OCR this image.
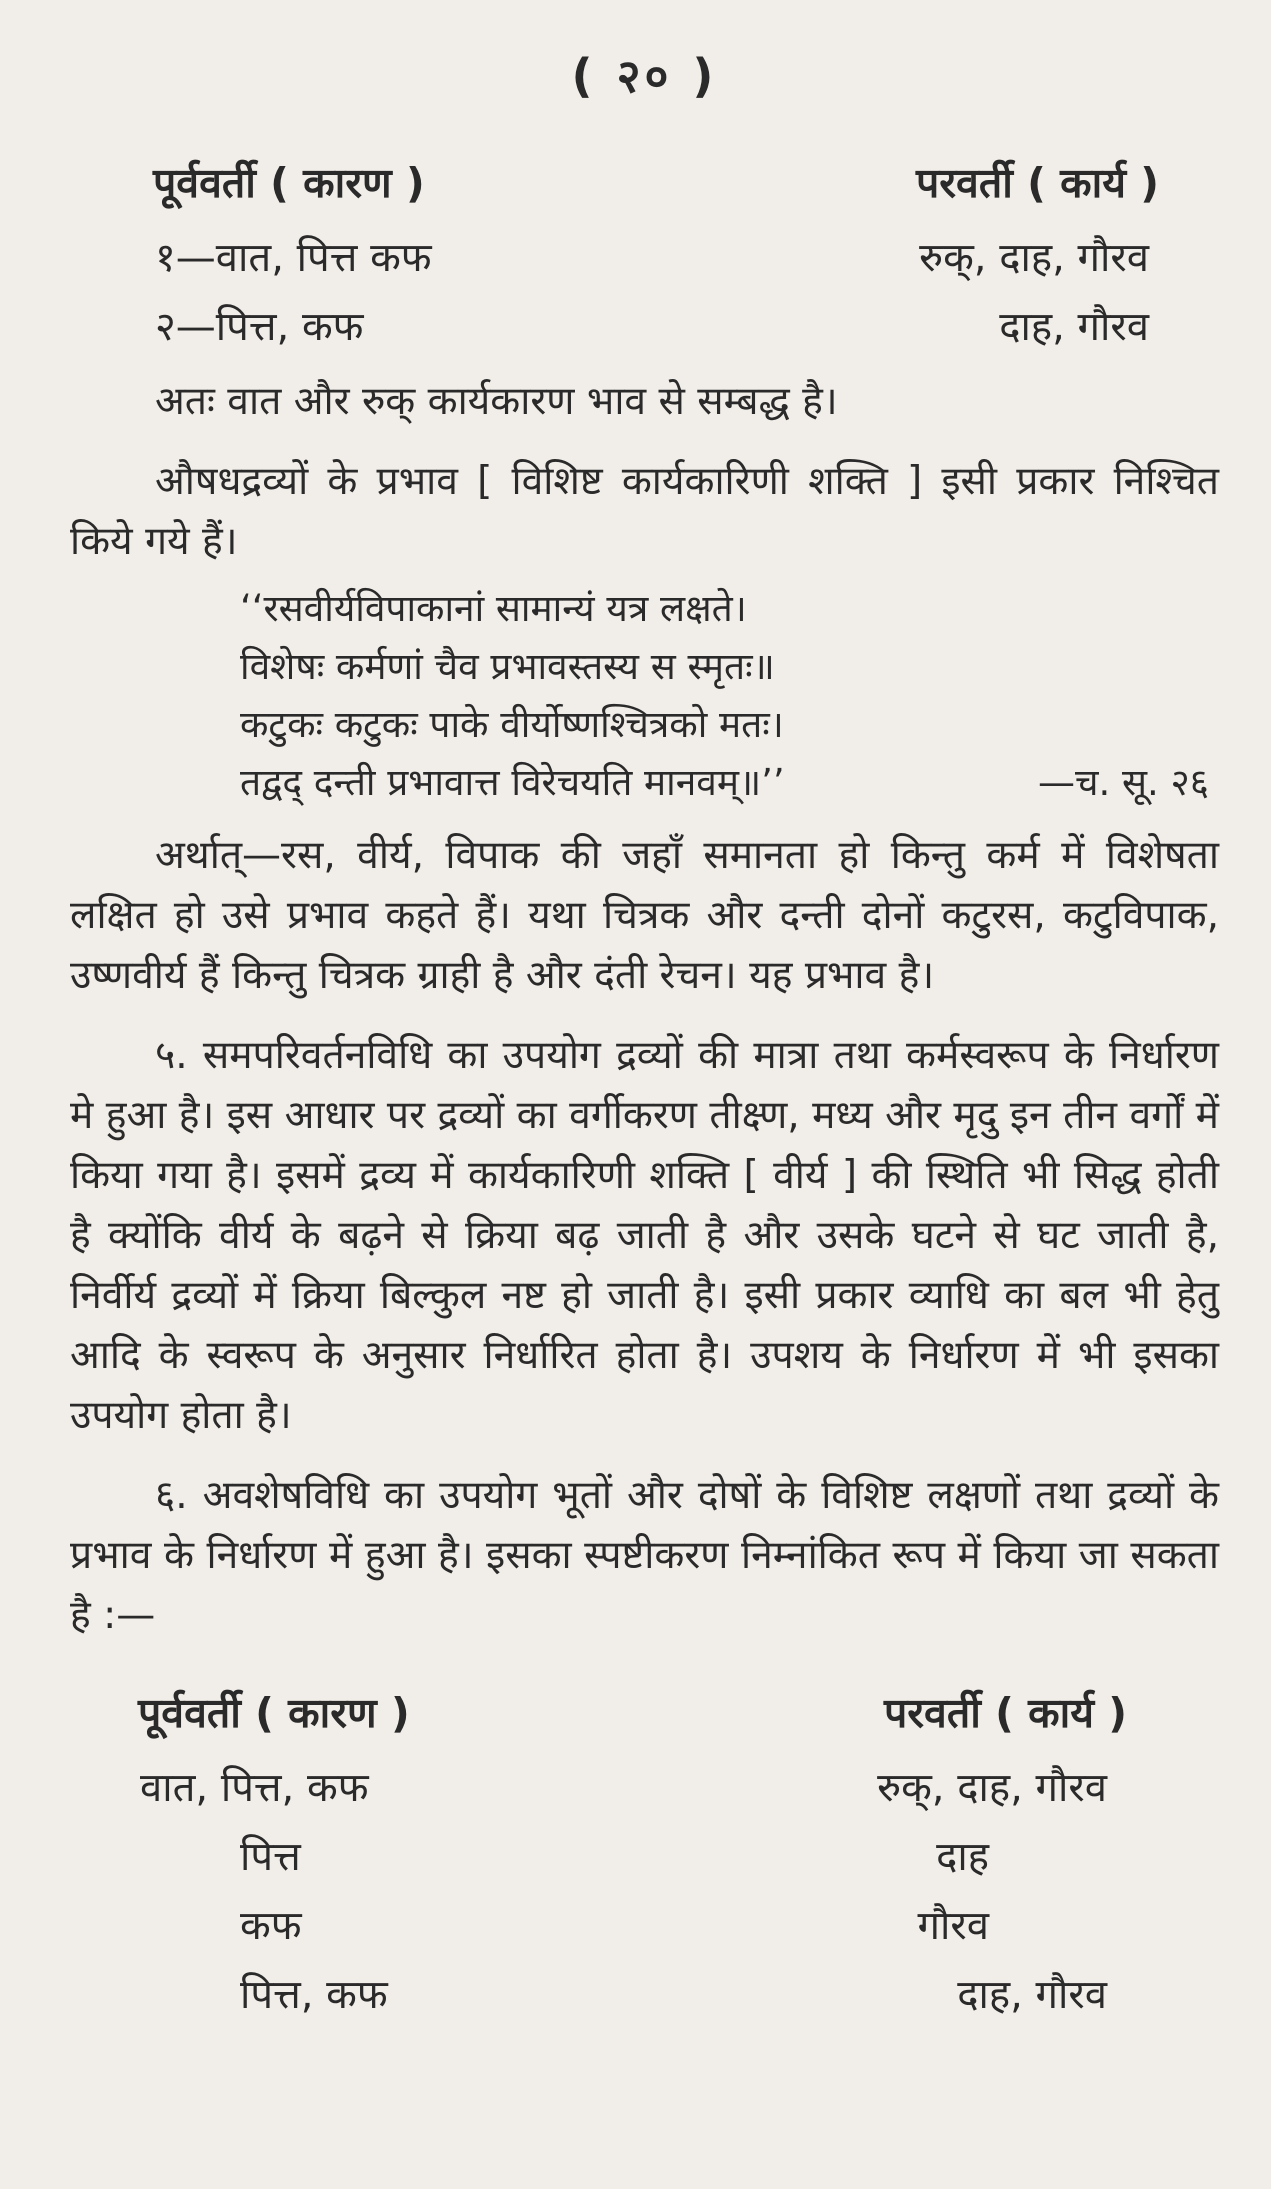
( २० )
पूर्ववर्ती ( कारण )	परवर्ती ( कार्य )
१—वात, पित्त कफ	रुक्, दाह, गौरव
२—पित्त, कफ	दाह, गौरव

अतः वात और रुक् कार्यकारण भाव से सम्बद्ध है।

औषधद्रव्यों के प्रभाव [ विशिष्ट कार्यकारिणी शक्ति ] इसी प्रकार निश्चित किये गये हैं।

‘‘रसवीर्यविपाकानां सामान्यं यत्र लक्षते।
विशेषः कर्मणां चैव प्रभावस्तस्य स स्मृतः॥
कटुकः कटुकः पाके वीर्योष्णश्चित्रको मतः।
तद्वद् दन्ती प्रभावात्त विरेचयति मानवम्॥’’	—च. सू. २६

अर्थात्—रस, वीर्य, विपाक की जहाँ समानता हो किन्तु कर्म में विशेषता लक्षित हो उसे प्रभाव कहते हैं। यथा चित्रक और दन्ती दोनों कटुरस, कटुविपाक, उष्णवीर्य हैं किन्तु चित्रक ग्राही है और दंती रेचन। यह प्रभाव है।

५. समपरिवर्तनविधि का उपयोग द्रव्यों की मात्रा तथा कर्मस्वरूप के निर्धारण मे हुआ है। इस आधार पर द्रव्यों का वर्गीकरण तीक्ष्ण, मध्य और मृदु इन तीन वर्गों में किया गया है। इसमें द्रव्य में कार्यकारिणी शक्ति [ वीर्य ] की स्थिति भी सिद्ध होती है क्योंकि वीर्य के बढ़ने से क्रिया बढ़ जाती है और उसके घटने से घट जाती है, निर्वीर्य द्रव्यों में क्रिया बिल्कुल नष्ट हो जाती है। इसी प्रकार व्याधि का बल भी हेतु आदि के स्वरूप के अनुसार निर्धारित होता है। उपशय के निर्धारण में भी इसका उपयोग होता है।

६. अवशेषविधि का उपयोग भूतों और दोषों के विशिष्ट लक्षणों तथा द्रव्यों के प्रभाव के निर्धारण में हुआ है। इसका स्पष्टीकरण निम्नांकित रूप में किया जा सकता है :—

पूर्ववर्ती ( कारण )	परवर्ती ( कार्य )
वात, पित्त, कफ	रुक्, दाह, गौरव
पित्त	दाह
कफ	गौरव
पित्त, कफ	दाह, गौरव
